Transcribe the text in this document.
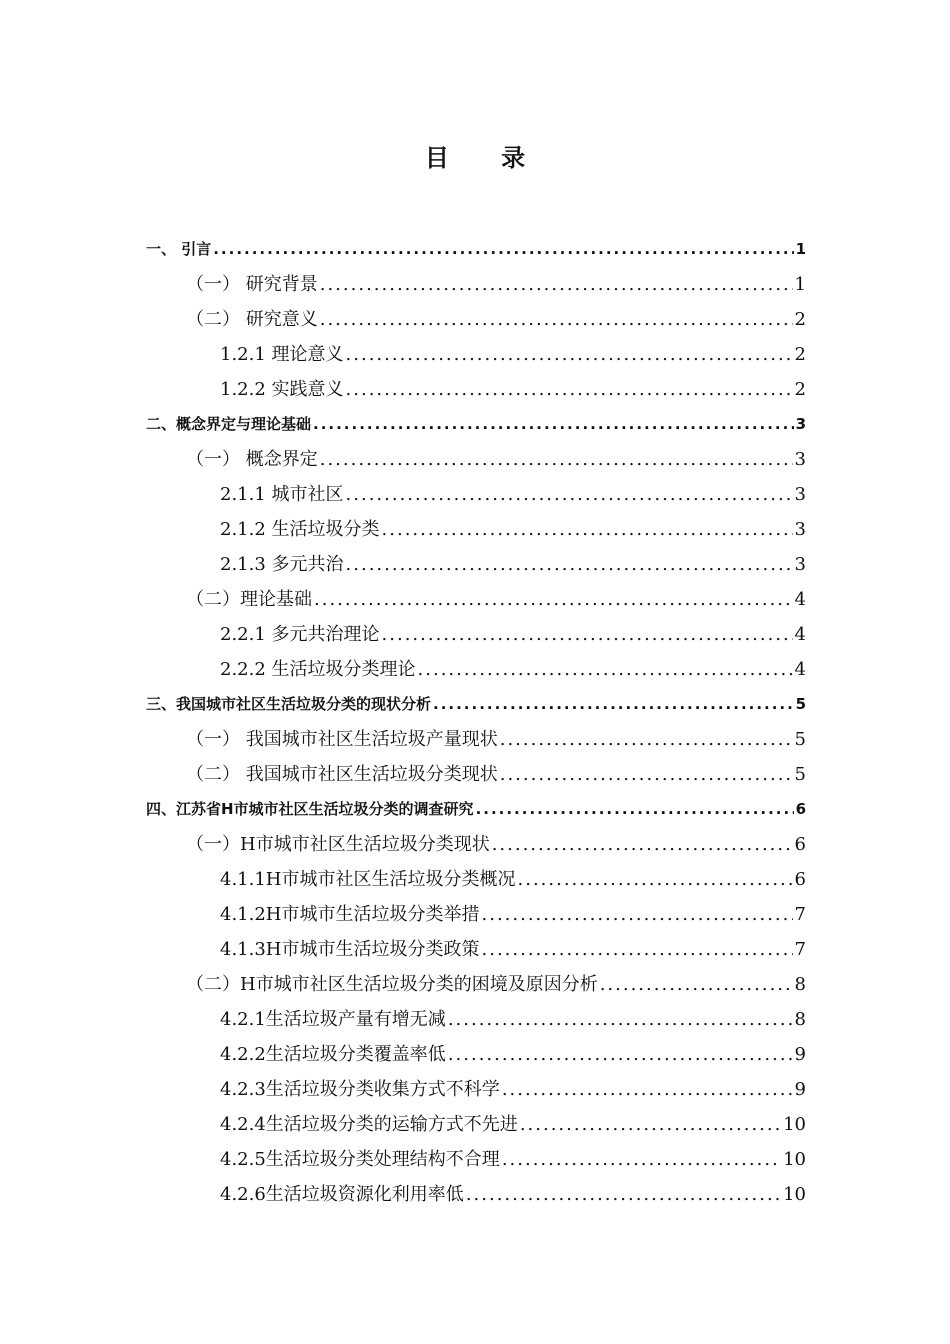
目 录
一、 引言 .....	1
（一） 研究背景 .....	1
（二） 研究意义 .....	2
1.2.1 理论意义 .....	2
1.2.2 实践意义 .....	2
二、概念界定与理论基础 .....	3
（一） 概念界定 .....	3
2.1.1 城市社区 .....	3
2.1.2 生活垃圾分类 .....	3
2.1.3 多元共治 .....	3
（二）理论基础 .....	4
2.2.1 多元共治理论 .....	4
2.2.2 生活垃圾分类理论 .....	4
三、我国城市社区生活垃圾分类的现状分析 .....	5
（一） 我国城市社区生活垃圾产量现状 .....	5
（二） 我国城市社区生活垃圾分类现状 .....	5
四、江苏省H市城市社区生活垃圾分类的调查研究 .....	6
（一）H市城市社区生活垃圾分类现状 .....	6
4.1.1H市城市社区生活垃圾分类概况 .....	6
4.1.2H市城市生活垃圾分类举措 .....	7
4.1.3H市城市生活垃圾分类政策 .....	7
（二）H市城市社区生活垃圾分类的困境及原因分析 .....	8
4.2.1生活垃圾产量有增无减 .....	8
4.2.2生活垃圾分类覆盖率低 .....	9
4.2.3生活垃圾分类收集方式不科学 .....	9
4.2.4生活垃圾分类的运输方式不先进 .....	10
4.2.5生活垃圾分类处理结构不合理 .....	10
4.2.6生活垃圾资源化利用率低 .....	10
